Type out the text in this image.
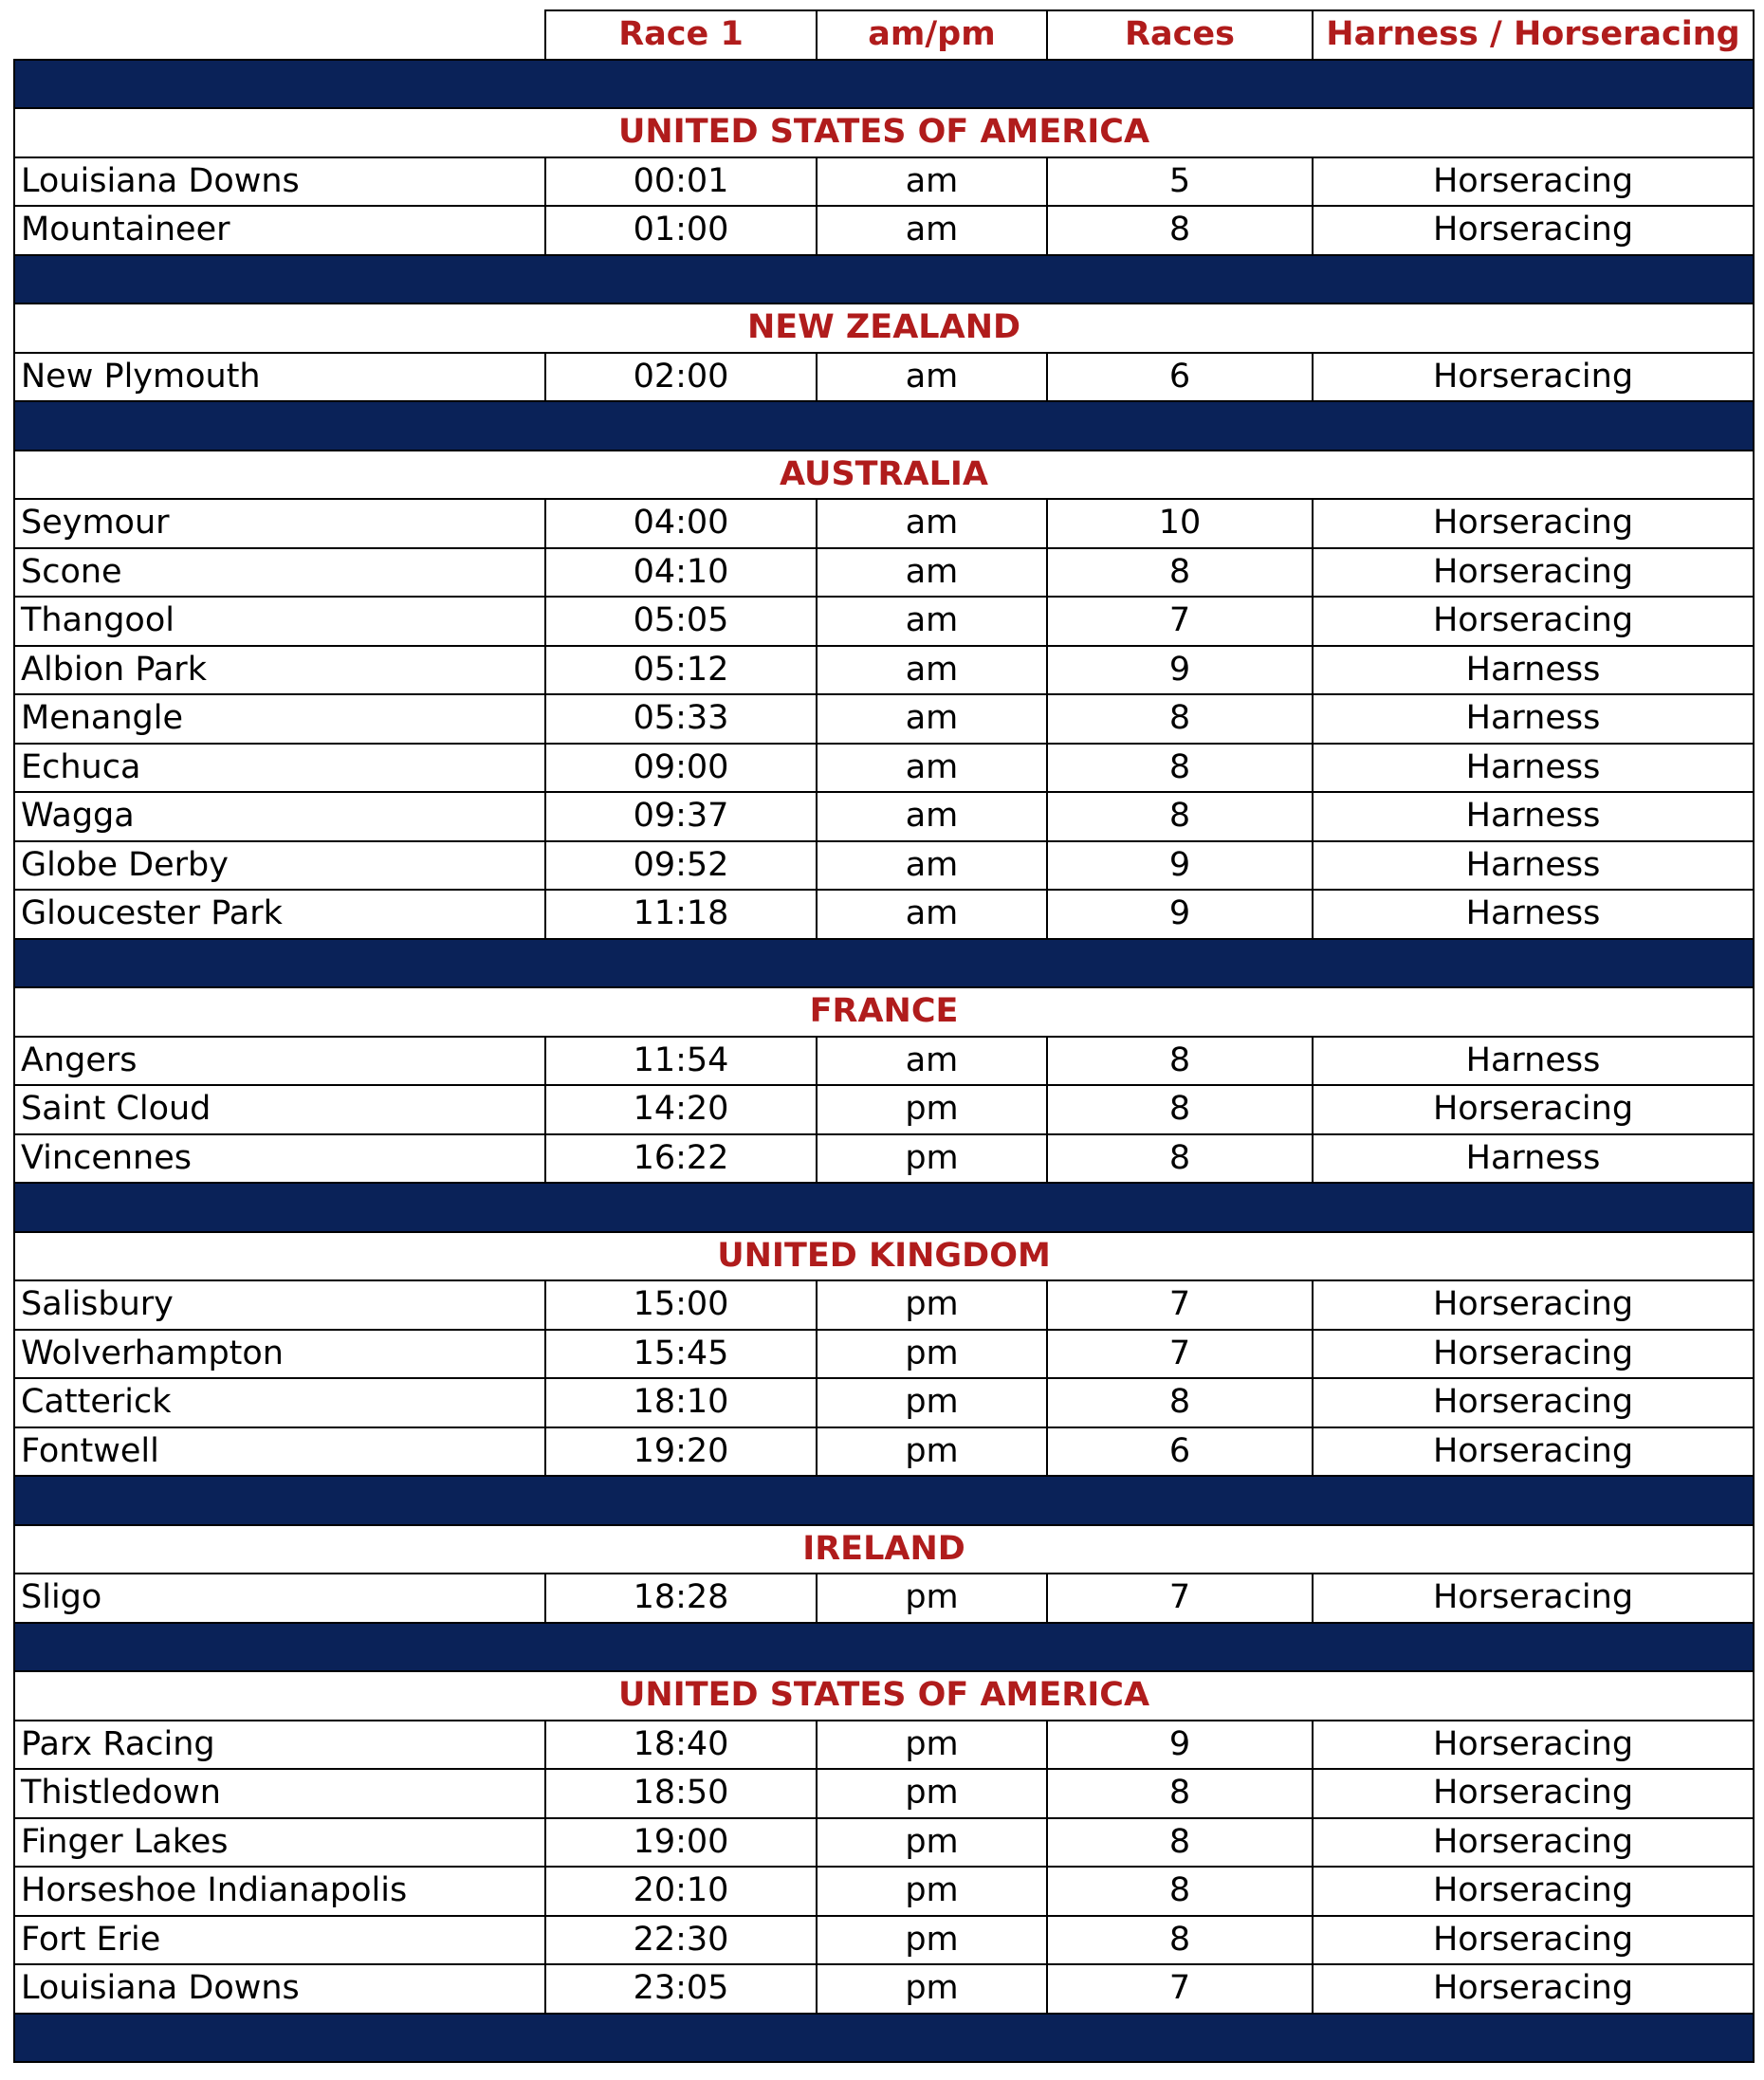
	Race 1	am/pm	Races	Harness / Horseracing

UNITED STATES OF AMERICA				
Louisiana Downs	00:01	am	5	Horseracing
Mountaineer	01:00	am	8	Horseracing

NEW ZEALAND				
New Plymouth	02:00	am	6	Horseracing

AUSTRALIA				
Seymour	04:00	am	10	Horseracing
Scone	04:10	am	8	Horseracing
Thangool	05:05	am	7	Horseracing
Albion Park	05:12	am	9	Harness
Menangle	05:33	am	8	Harness
Echuca	09:00	am	8	Harness
Wagga	09:37	am	8	Harness
Globe Derby	09:52	am	9	Harness
Gloucester Park	11:18	am	9	Harness

FRANCE				
Angers	11:54	am	8	Harness
Saint Cloud	14:20	pm	8	Horseracing
Vincennes	16:22	pm	8	Harness

UNITED KINGDOM				
Salisbury	15:00	pm	7	Horseracing
Wolverhampton	15:45	pm	7	Horseracing
Catterick	18:10	pm	8	Horseracing
Fontwell	19:20	pm	6	Horseracing

IRELAND				
Sligo	18:28	pm	7	Horseracing

UNITED STATES OF AMERICA				
Parx Racing	18:40	pm	9	Horseracing
Thistledown	18:50	pm	8	Horseracing
Finger Lakes	19:00	pm	8	Horseracing
Horseshoe Indianapolis	20:10	pm	8	Horseracing
Fort Erie	22:30	pm	8	Horseracing
Louisiana Downs	23:05	pm	7	Horseracing
